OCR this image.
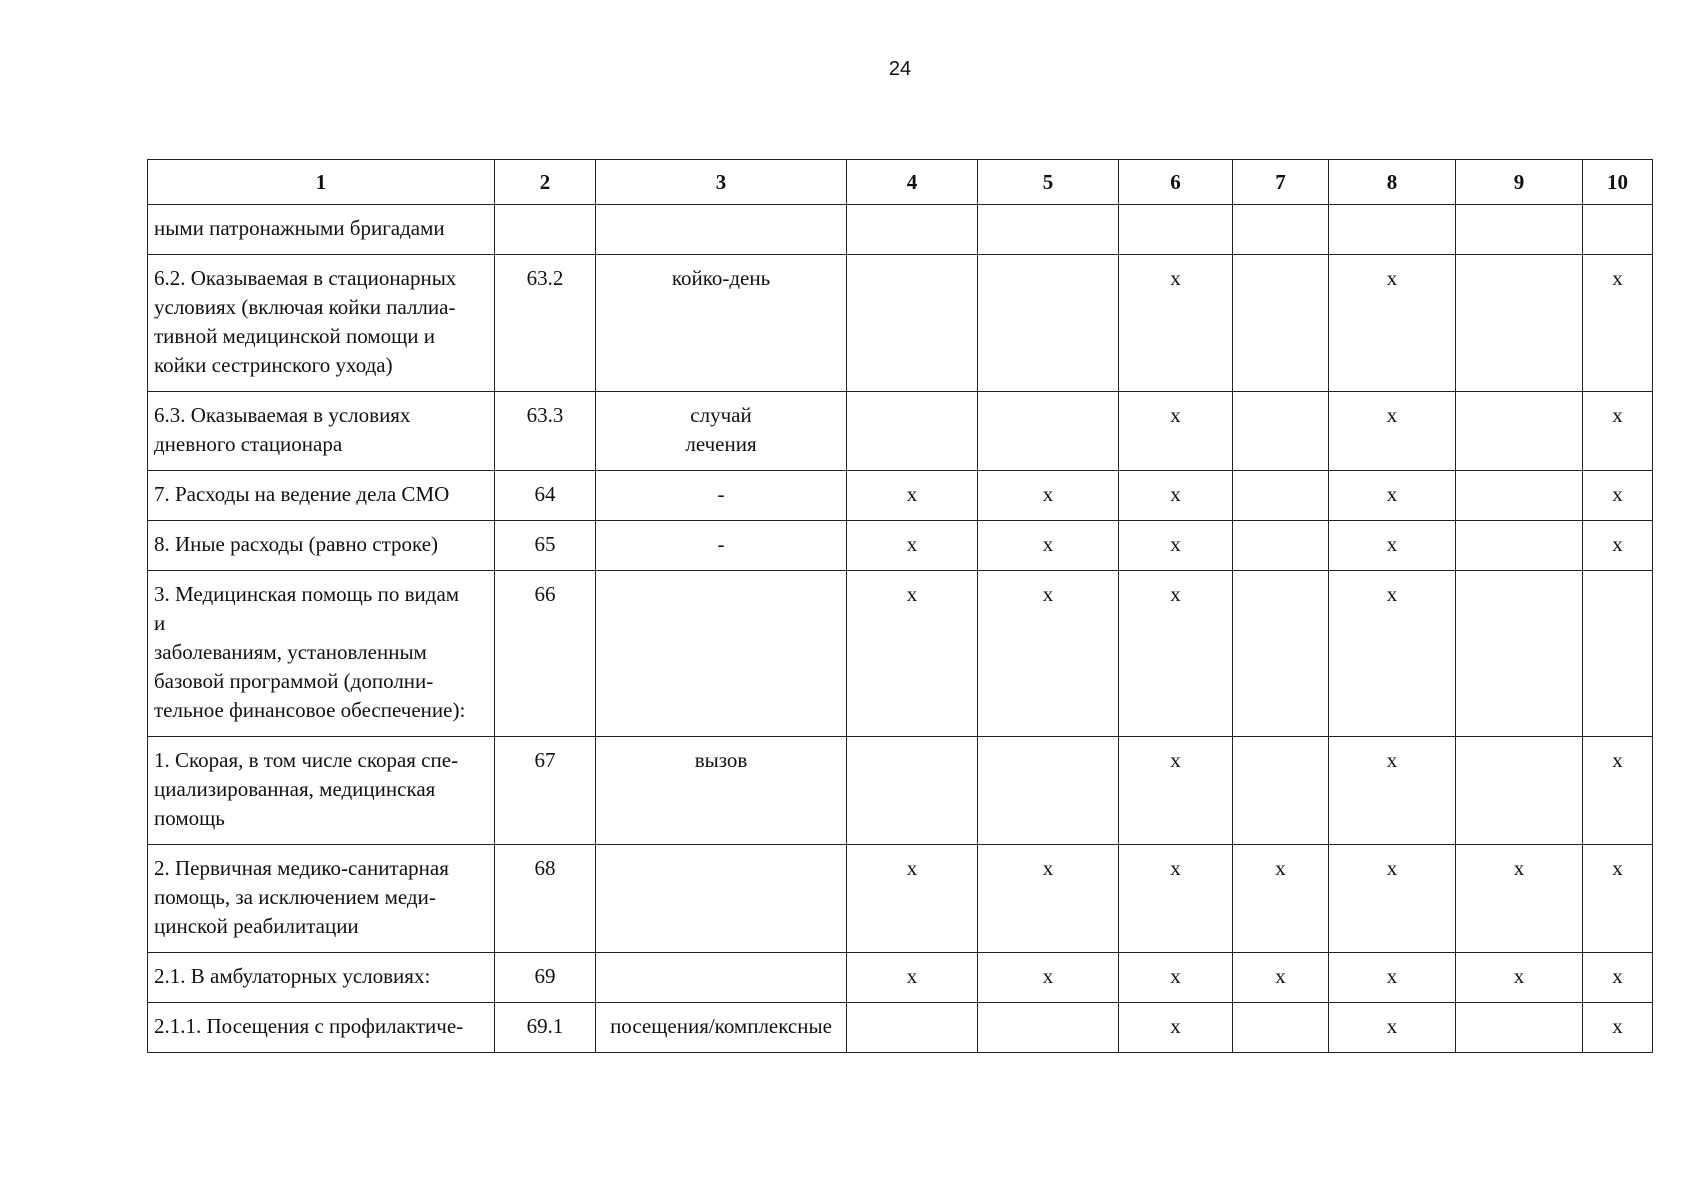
24
1	2	3	4	5	6	7	8	9	10
ными патронажными бригадами									
6.2. Оказываемая в стационарных
условиях (включая койки паллиа-
тивной медицинской помощи и
койки сестринского ухода)	63.2	койко-день			x		x		x
6.3. Оказываемая в условиях
дневного стационара	63.3	случай
лечения			x		x		x
7. Расходы на ведение дела СМО	64	-	x	x	x		x		x
8. Иные расходы (равно строке)	65	-	x	x	x		x		x
3. Медицинская помощь по видам
и
заболеваниям, установленным
базовой программой (дополни-
тельное финансовое обеспечение):	66		x	x	x		x		
1. Скорая, в том числе скорая спе-
циализированная, медицинская
помощь	67	вызов			x		x		x
2. Первичная медико-санитарная
помощь, за исключением меди-
цинской реабилитации	68		x	x	x	x	x	x	x
2.1. В амбулаторных условиях:	69		x	x	x	x	x	x	x
2.1.1. Посещения с профилактиче-	69.1	посещения/комплексные			x		x		x
